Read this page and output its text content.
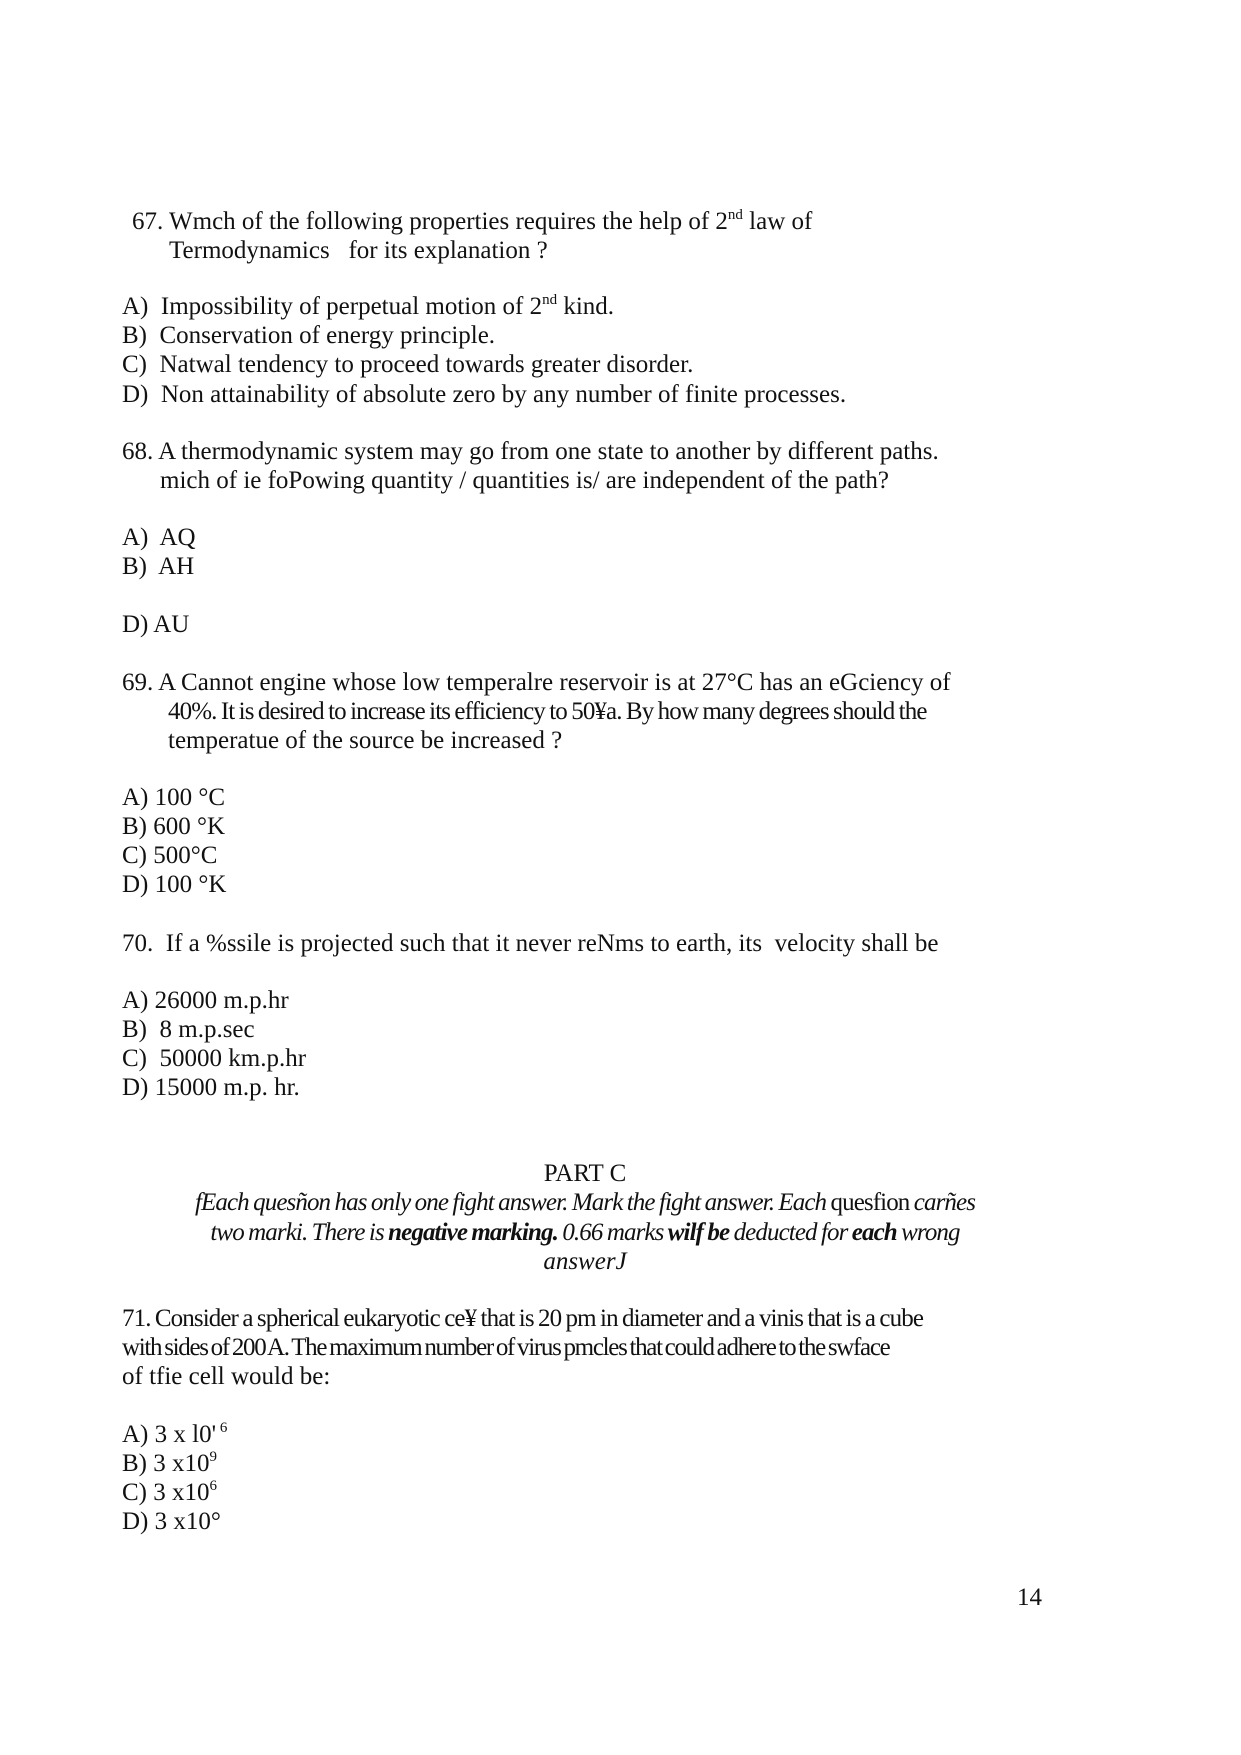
67. Wmch of the following properties requires the help of 2nd law of
Termodynamics   for its explanation ?
A)  Impossibility of perpetual motion of 2nd kind.
B)  Conservation of energy principle.
C)  Natwal tendency to proceed towards greater disorder.
D)  Non attainability of absolute zero by any number of finite processes.
68. A thermodynamic system may go from one state to another by different paths.
mich of ie foPowing quantity / quantities is/ are independent of the path?
A)  AQ
B)  AH
D) AU
69. A Cannot engine whose low temperalre reservoir is at 27°C has an eGciency of
40%. It is desired to increase its efficiency to 50¥a. By how many degrees should the
temperatue of the source be increased ?
A) 100 °C
B) 600 °K
C) 500°C
D) 100 °K
70.  If a %ssile is projected such that it never reNms to earth, its  velocity shall be
A) 26000 m.p.hr
B)  8 m.p.sec
C)  50000 km.p.hr
D) 15000 m.p. hr.
PART C
fEach quesñon has only one fight answer. Mark the fight answer. Each quesfion carñes
two marki. There is negative marking. 0.66 marks wilf be deducted for each wrong
answerJ
71. Consider a spherical eukaryotic ce¥ that is 20 pm in diameter and a vinis that is a cube
with sides of 200 A. The maximum number of virus pmcles that could adhere to the swface
of tfie cell would be:
A) 3 x l0' $^6$
B) 3 $x10^9$
C) 3 $x10^6$
D) 3 x10°
14
